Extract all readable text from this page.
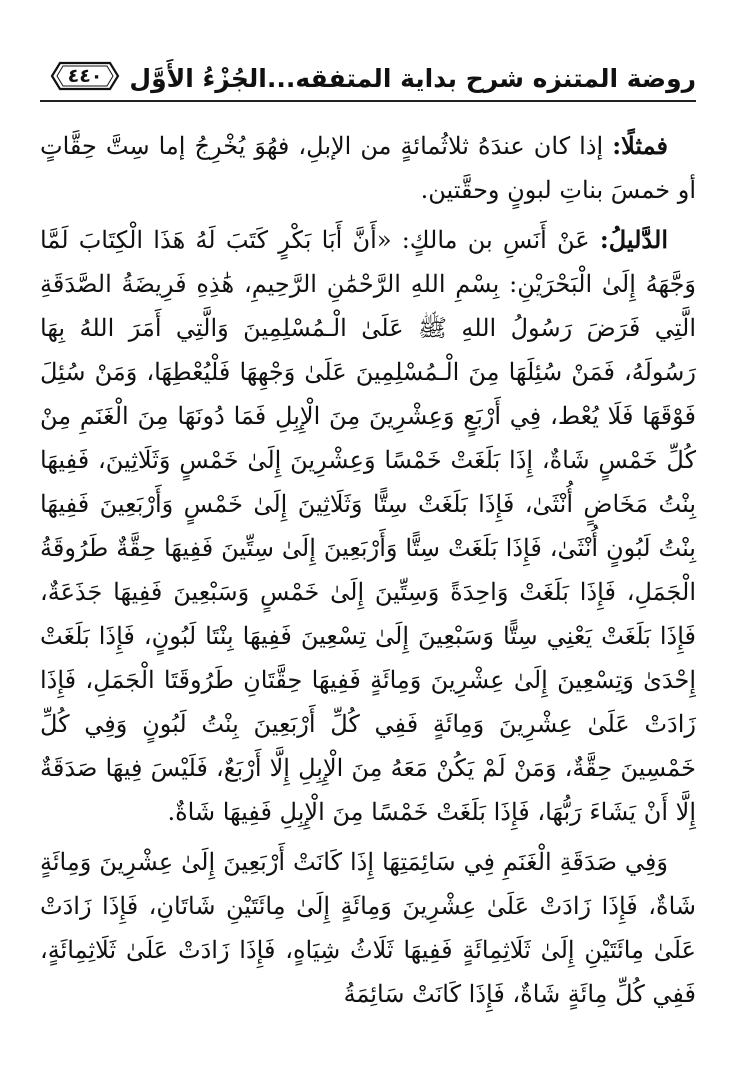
روضة المتنزه شرح بداية المتفقه...الجُزْءُ الأَوَّل
٤٤٠

فمثلًا: إذا كان عندَهُ ثلاثُمائةٍ من الإبلِ، فهُوَ يُخْرِجُ إما سِتَّ حِقَّاتٍ أو خمسَ بناتِ لبونٍ وحقَّتين.

الدَّليلُ: عَنْ أَنَسِ بن مالكٍ: «أَنَّ أَبَا بَكْرٍ كَتَبَ لَهُ هَذَا الْكِتَابَ لَمَّا وَجَّهَهُ إِلَىٰ الْبَحْرَيْنِ: بِسْمِ اللهِ الرَّحْمَٰنِ الرَّحِيمِ، هَٰذِهِ فَرِيضَةُ الصَّدَقَةِ الَّتِي فَرَضَ رَسُولُ اللهِ ﷺ عَلَىٰ الْـمُسْلِمِينَ وَالَّتِي أَمَرَ اللهُ بِهَا رَسُولَهُ، فَمَنْ سُئِلَهَا مِنَ الْـمُسْلِمِينَ عَلَىٰ وَجْهِهَا فَلْيُعْطِهَا، وَمَنْ سُئِلَ فَوْقَهَا فَلَا يُعْط، فِي أَرْبَعٍ وَعِشْرِينَ مِنَ الْإِبِلِ فَمَا دُونَهَا مِنَ الْغَنَمِ مِنْ كُلِّ خَمْسٍ شَاةٌ، إِذَا بَلَغَتْ خَمْسًا وَعِشْرِينَ إِلَىٰ خَمْسٍ وَثَلَاثِينَ، فَفِيهَا بِنْتُ مَخَاضٍ أُنْثَىٰ، فَإِذَا بَلَغَتْ سِتًّا وَثَلَاثِينَ إِلَىٰ خَمْسٍ وَأَرْبَعِينَ فَفِيهَا بِنْتُ لَبُونٍ أُنْثَىٰ، فَإِذَا بَلَغَتْ سِتًّا وَأَرْبَعِينَ إِلَىٰ سِتِّينَ فَفِيهَا حِقَّةٌ طَرُوقَةُ الْجَمَلِ، فَإِذَا بَلَغَتْ وَاحِدَةً وَسِتِّينَ إِلَىٰ خَمْسٍ وَسَبْعِينَ فَفِيهَا جَذَعَةٌ، فَإِذَا بَلَغَتْ يَعْنِي سِتًّا وَسَبْعِينَ إِلَىٰ تِسْعِينَ فَفِيهَا بِنْتَا لَبُونٍ، فَإِذَا بَلَغَتْ إِحْدَىٰ وَتِسْعِينَ إِلَىٰ عِشْرِينَ وَمِائَةٍ فَفِيهَا حِقَّتَانِ طَرُوقَتَا الْجَمَلِ، فَإِذَا زَادَتْ عَلَىٰ عِشْرِينَ وَمِائَةٍ فَفِي كُلِّ أَرْبَعِينَ بِنْتُ لَبُونٍ وَفِي كُلِّ خَمْسِينَ حِقَّةٌ، وَمَنْ لَمْ يَكُنْ مَعَهُ مِنَ الْإِبِلِ إِلَّا أَرْبَعٌ، فَلَيْسَ فِيهَا صَدَقَةٌ إِلَّا أَنْ يَشَاءَ رَبُّهَا، فَإِذَا بَلَغَتْ خَمْسًا مِنَ الْإِبِلِ فَفِيهَا شَاةٌ.

وَفِي صَدَقَةِ الْغَنَمِ فِي سَائِمَتِهَا إِذَا كَانَتْ أَرْبَعِينَ إِلَىٰ عِشْرِينَ وَمِائَةٍ شَاةٌ، فَإِذَا زَادَتْ عَلَىٰ عِشْرِينَ وَمِائَةٍ إِلَىٰ مِائَتَيْنِ شَاتَانِ، فَإِذَا زَادَتْ عَلَىٰ مِائَتَيْنِ إِلَىٰ ثَلَاثِمِائَةٍ فَفِيهَا ثَلَاثُ شِيَاهٍ، فَإِذَا زَادَتْ عَلَىٰ ثَلَاثِمِائَةٍ، فَفِي كُلِّ مِائَةٍ شَاةٌ، فَإِذَا كَانَتْ سَائِمَةُ
